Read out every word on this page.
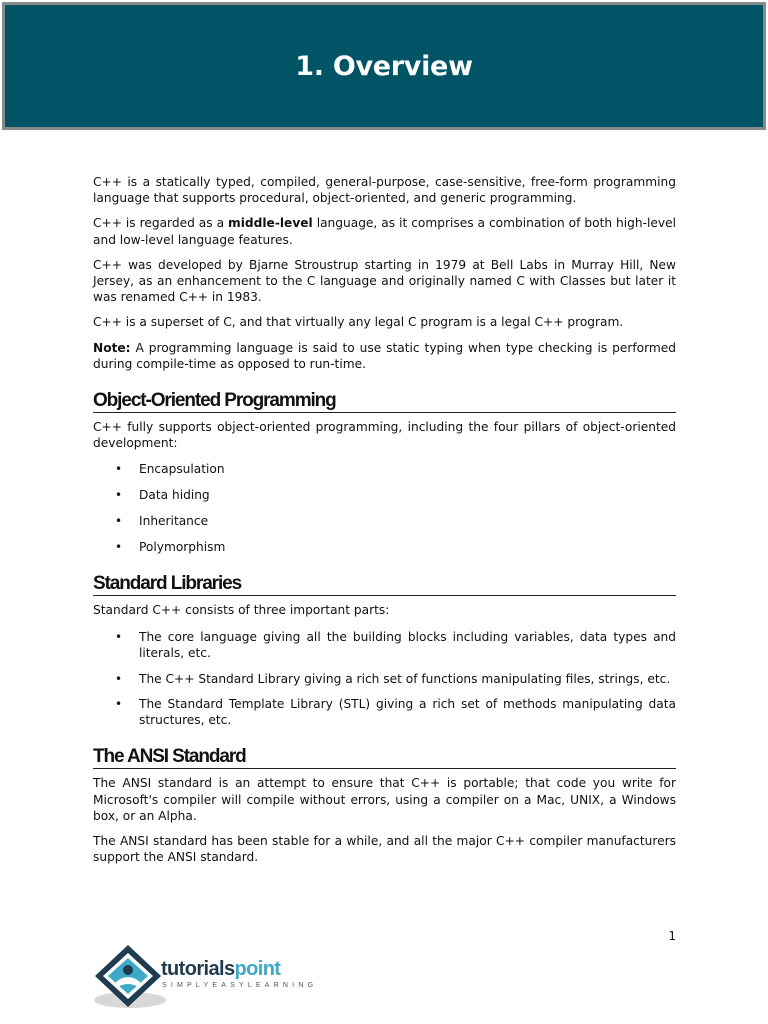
1. Overview

C++ is a statically typed, compiled, general-purpose, case-sensitive, free-form programming language that supports procedural, object-oriented, and generic programming.

C++ is regarded as a middle-level language, as it comprises a combination of both high-level and low-level language features.

C++ was developed by Bjarne Stroustrup starting in 1979 at Bell Labs in Murray Hill, New Jersey, as an enhancement to the C language and originally named C with Classes but later it was renamed C++ in 1983.

C++ is a superset of C, and that virtually any legal C program is a legal C++ program.

Note: A programming language is said to use static typing when type checking is performed during compile-time as opposed to run-time.

Object-Oriented Programming

C++ fully supports object-oriented programming, including the four pillars of object-oriented development:

• Encapsulation
• Data hiding
• Inheritance
• Polymorphism
Standard Libraries

Standard C++ consists of three important parts:

• The core language giving all the building blocks including variables, data types and literals, etc.
• The C++ Standard Library giving a rich set of functions manipulating files, strings, etc.
• The Standard Template Library (STL) giving a rich set of methods manipulating data structures, etc.
The ANSI Standard

The ANSI standard is an attempt to ensure that C++ is portable; that code you write for Microsoft's compiler will compile without errors, using a compiler on a Mac, UNIX, a Windows box, or an Alpha.

The ANSI standard has been stable for a while, and all the major C++ compiler manufacturers support the ANSI standard.

1
tutorialspoint
SIMPLYEASYLEARNING
